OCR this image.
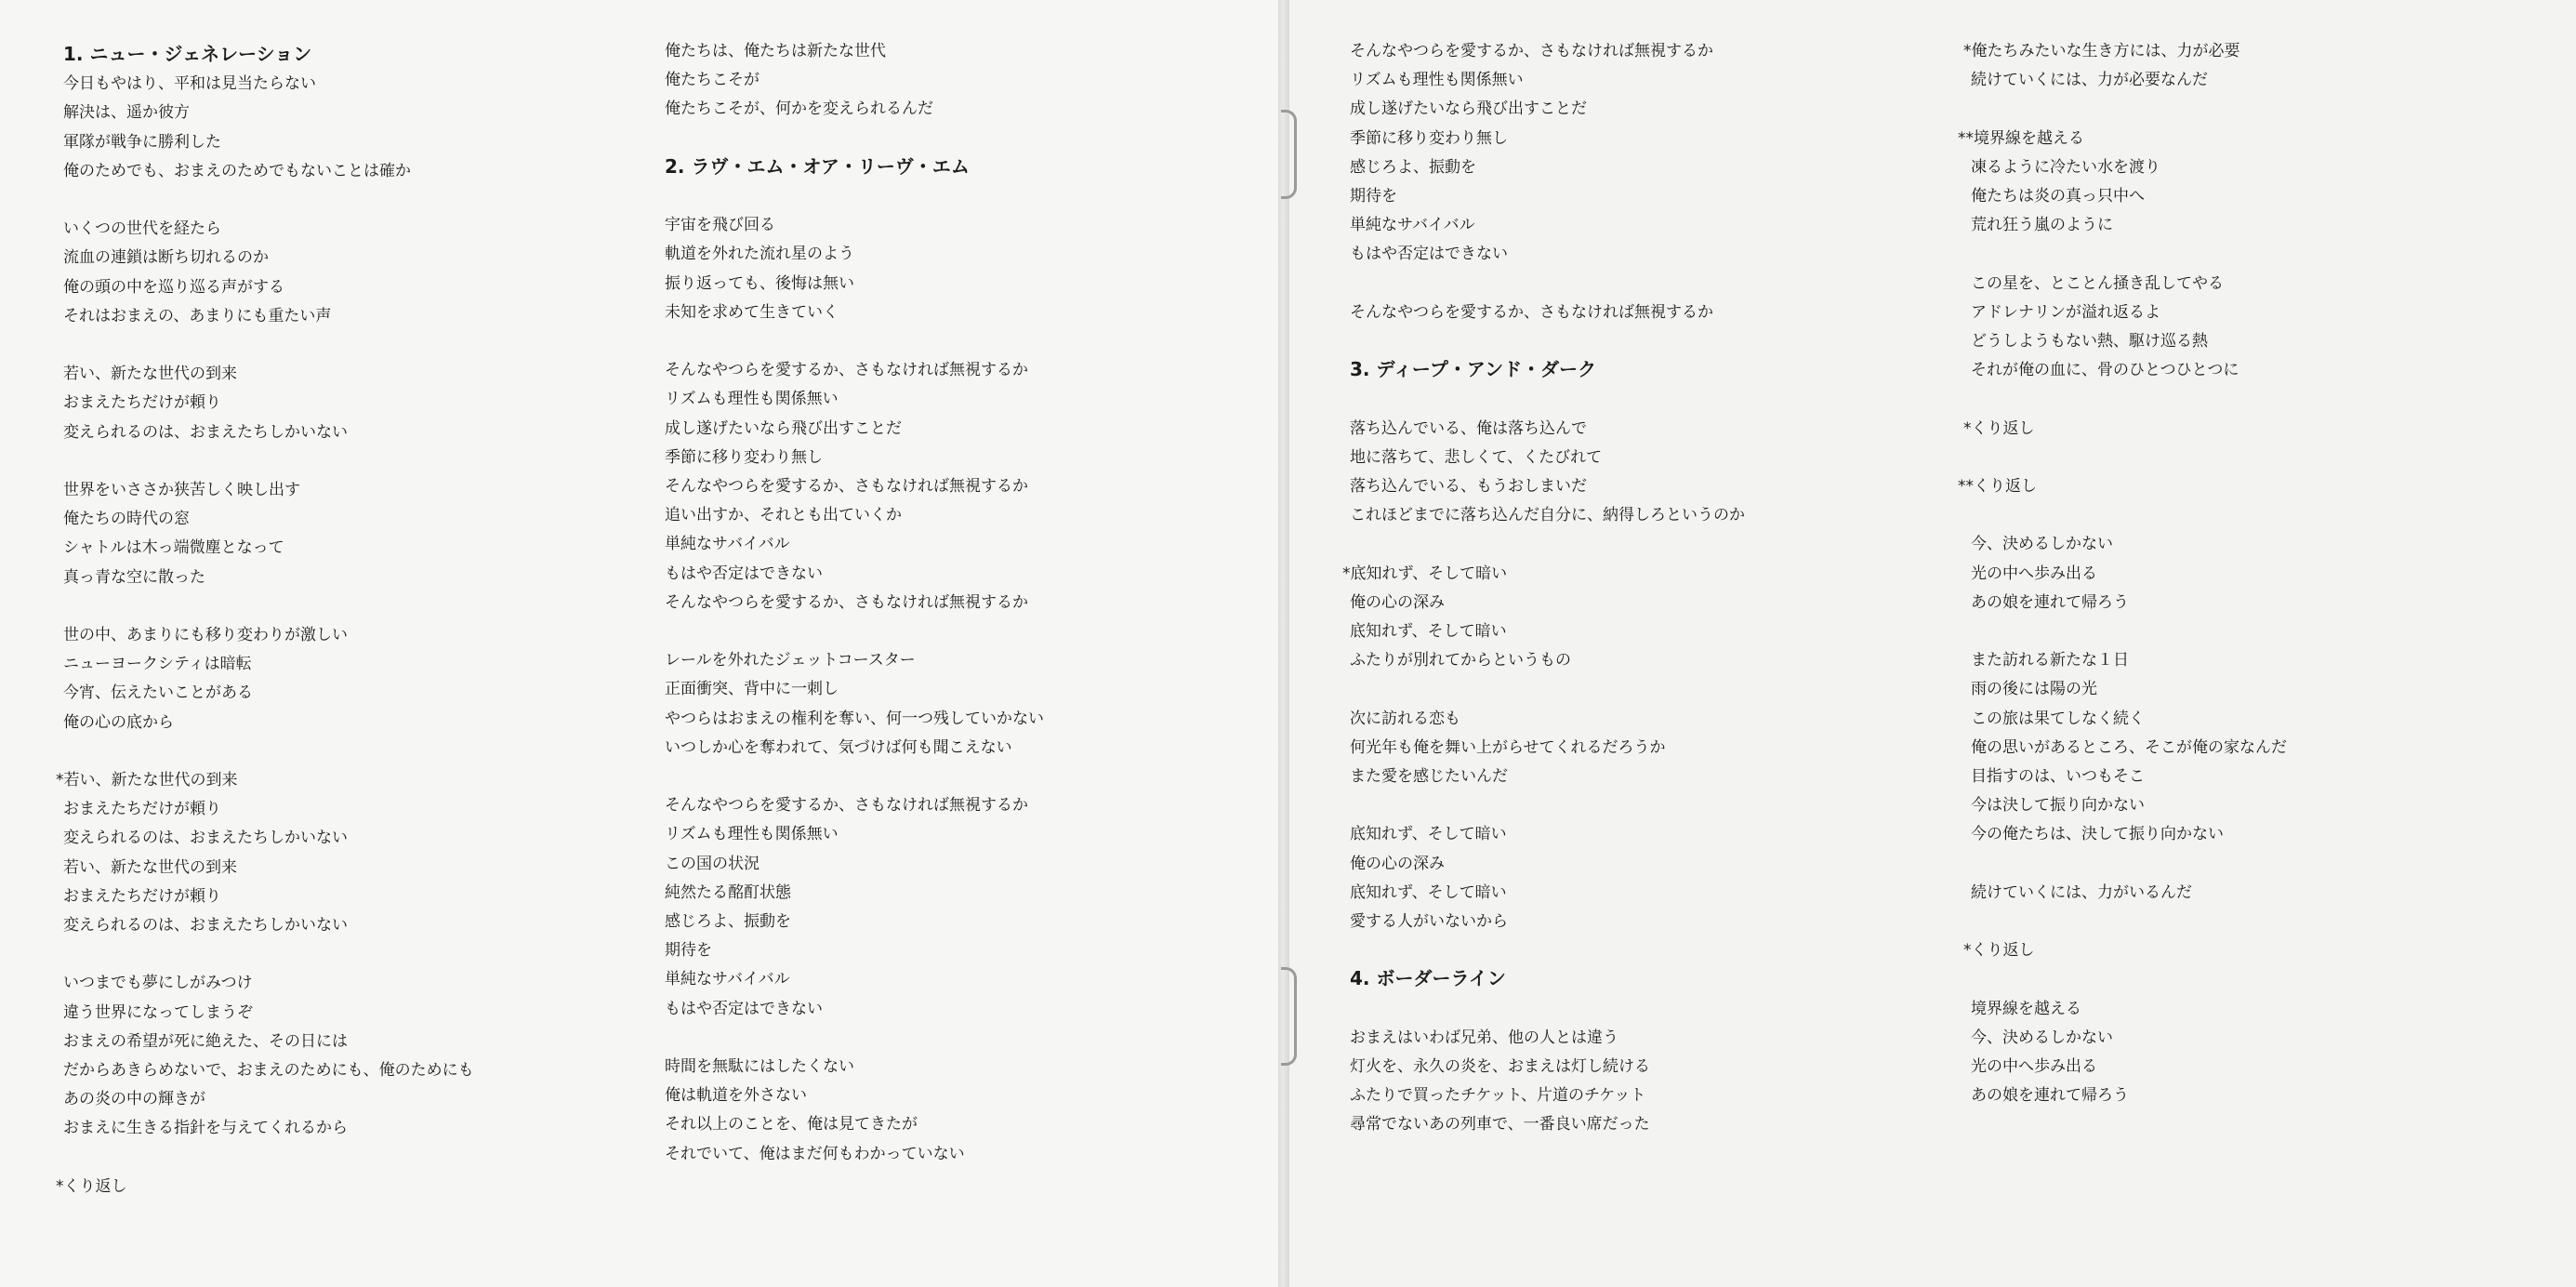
1. ニュー・ジェネレーション
今日もやはり、平和は見当たらない
解決は、遥か彼方
軍隊が戦争に勝利した
俺のためでも、おまえのためでもないことは確か
いくつの世代を経たら
流血の連鎖は断ち切れるのか
俺の頭の中を巡り巡る声がする
それはおまえの、あまりにも重たい声
若い、新たな世代の到来
おまえたちだけが頼り
変えられるのは、おまえたちしかいない
世界をいささか狭苦しく映し出す
俺たちの時代の窓
シャトルは木っ端微塵となって
真っ青な空に散った
世の中、あまりにも移り変わりが激しい
ニューヨークシティは暗転
今宵、伝えたいことがある
俺の心の底から
*若い、新たな世代の到来
おまえたちだけが頼り
変えられるのは、おまえたちしかいない
若い、新たな世代の到来
おまえたちだけが頼り
変えられるのは、おまえたちしかいない
いつまでも夢にしがみつけ
違う世界になってしまうぞ
おまえの希望が死に絶えた、その日には
だからあきらめないで、おまえのためにも、俺のためにも
あの炎の中の輝きが
おまえに生きる指針を与えてくれるから
*くり返し
俺たちは、俺たちは新たな世代
俺たちこそが
俺たちこそが、何かを変えられるんだ
2. ラヴ・エム・オア・リーヴ・エム
宇宙を飛び回る
軌道を外れた流れ星のよう
振り返っても、後悔は無い
未知を求めて生きていく
そんなやつらを愛するか、さもなければ無視するか
リズムも理性も関係無い
成し遂げたいなら飛び出すことだ
季節に移り変わり無し
そんなやつらを愛するか、さもなければ無視するか
追い出すか、それとも出ていくか
単純なサバイバル
もはや否定はできない
そんなやつらを愛するか、さもなければ無視するか
レールを外れたジェットコースター
正面衝突、背中に一刺し
やつらはおまえの権利を奪い、何一つ残していかない
いつしか心を奪われて、気づけば何も聞こえない
そんなやつらを愛するか、さもなければ無視するか
リズムも理性も関係無い
この国の状況
純然たる酩酊状態
感じろよ、振動を
期待を
単純なサバイバル
もはや否定はできない
時間を無駄にはしたくない
俺は軌道を外さない
それ以上のことを、俺は見てきたが
それでいて、俺はまだ何もわかっていない
そんなやつらを愛するか、さもなければ無視するか
リズムも理性も関係無い
成し遂げたいなら飛び出すことだ
季節に移り変わり無し
感じろよ、振動を
期待を
単純なサバイバル
もはや否定はできない
そんなやつらを愛するか、さもなければ無視するか
3. ディープ・アンド・ダーク
落ち込んでいる、俺は落ち込んで
地に落ちて、悲しくて、くたびれて
落ち込んでいる、もうおしまいだ
これほどまでに落ち込んだ自分に、納得しろというのか
*底知れず、そして暗い
俺の心の深み
底知れず、そして暗い
ふたりが別れてからというもの
次に訪れる恋も
何光年も俺を舞い上がらせてくれるだろうか
また愛を感じたいんだ
底知れず、そして暗い
俺の心の深み
底知れず、そして暗い
愛する人がいないから
4. ボーダーライン
おまえはいわば兄弟、他の人とは違う
灯火を、永久の炎を、おまえは灯し続ける
ふたりで買ったチケット、片道のチケット
尋常でないあの列車で、一番良い席だった
*俺たちみたいな生き方には、力が必要
続けていくには、力が必要なんだ
**境界線を越える
凍るように冷たい水を渡り
俺たちは炎の真っ只中へ
荒れ狂う嵐のように
この星を、とことん掻き乱してやる
アドレナリンが溢れ返るよ
どうしようもない熱、駆け巡る熱
それが俺の血に、骨のひとつひとつに
*くり返し
**くり返し
今、決めるしかない
光の中へ歩み出る
あの娘を連れて帰ろう
また訪れる新たな１日
雨の後には陽の光
この旅は果てしなく続く
俺の思いがあるところ、そこが俺の家なんだ
目指すのは、いつもそこ
今は決して振り向かない
今の俺たちは、決して振り向かない
続けていくには、力がいるんだ
*くり返し
境界線を越える
今、決めるしかない
光の中へ歩み出る
あの娘を連れて帰ろう
